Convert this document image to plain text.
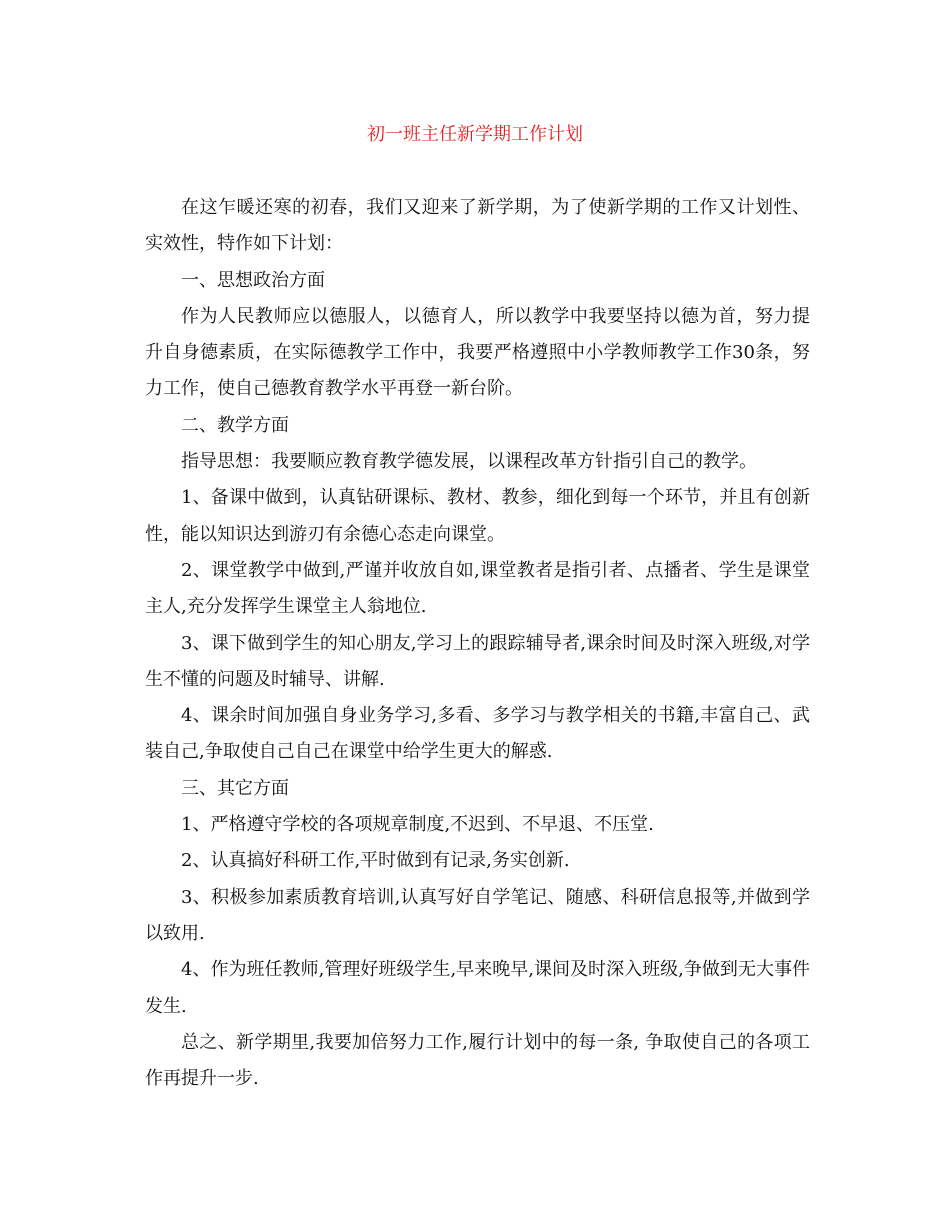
初一班主任新学期工作计划

在这乍暖还寒的初春，我们又迎来了新学期，为了使新学期的工作又计划性、实效性，特作如下计划：

一、思想政治方面

作为人民教师应以德服人，以德育人，所以教学中我要坚持以德为首，努力提升自身德素质，在实际德教学工作中，我要严格遵照中小学教师教学工作30条，努力工作，使自己德教育教学水平再登一新台阶。

二、教学方面

指导思想：我要顺应教育教学德发展，以课程改革方针指引自己的教学。

1、备课中做到，认真钻研课标、教材、教参，细化到每一个环节，并且有创新性，能以知识达到游刃有余德心态走向课堂。

2、课堂教学中做到,严谨并收放自如,课堂教者是指引者、点播者、学生是课堂主人,充分发挥学生课堂主人翁地位.

3、课下做到学生的知心朋友,学习上的跟踪辅导者,课余时间及时深入班级,对学生不懂的问题及时辅导、讲解.

4、课余时间加强自身业务学习,多看、多学习与教学相关的书籍,丰富自己、武装自己,争取使自己自己在课堂中给学生更大的解惑.

三、其它方面

1、严格遵守学校的各项规章制度,不迟到、不早退、不压堂.

2、认真搞好科研工作,平时做到有记录,务实创新.

3、积极参加素质教育培训,认真写好自学笔记、随感、科研信息报等,并做到学以致用.

4、作为班任教师,管理好班级学生,早来晚早,课间及时深入班级,争做到无大事件发生.

总之、新学期里,我要加倍努力工作,履行计划中的每一条, 争取使自己的各项工作再提升一步.
